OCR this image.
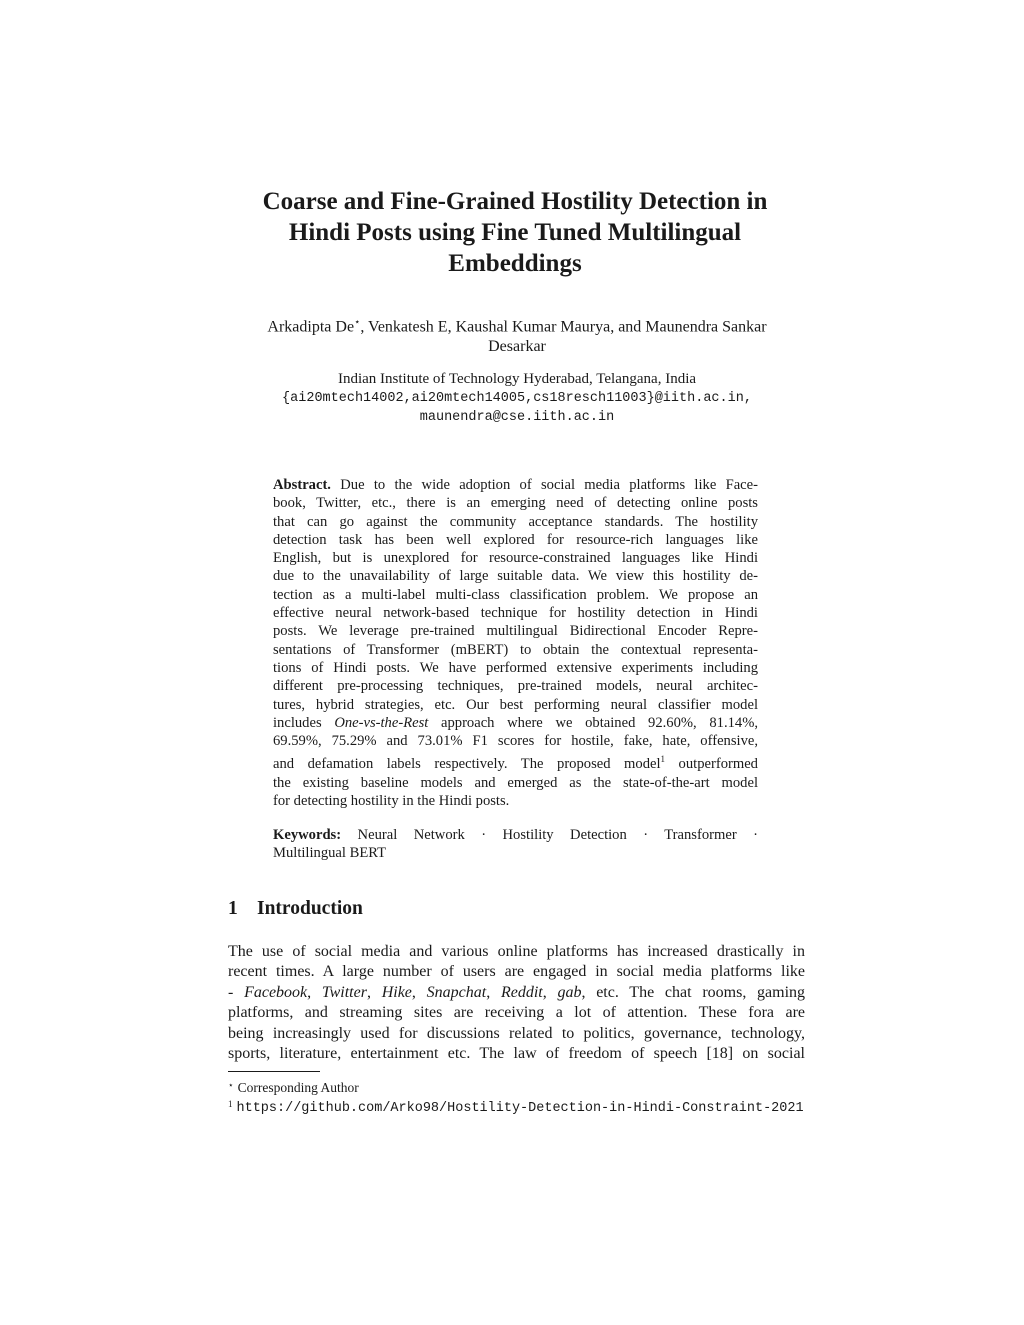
Coarse and Fine-Grained Hostility Detection in
Hindi Posts using Fine Tuned Multilingual
Embeddings
Arkadipta De⋆, Venkatesh E, Kaushal Kumar Maurya, and Maunendra Sankar
Desarkar
Indian Institute of Technology Hyderabad, Telangana, India
{ai20mtech14002,ai20mtech14005,cs18resch11003}@iith.ac.in,
maunendra@cse.iith.ac.in
Abstract. Due to the wide adoption of social media platforms like Face-
book, Twitter, etc., there is an emerging need of detecting online posts
that can go against the community acceptance standards. The hostility
detection task has been well explored for resource-rich languages like
English, but is unexplored for resource-constrained languages like Hindi
due to the unavailability of large suitable data. We view this hostility de-
tection as a multi-label multi-class classification problem. We propose an
effective neural network-based technique for hostility detection in Hindi
posts. We leverage pre-trained multilingual Bidirectional Encoder Repre-
sentations of Transformer (mBERT) to obtain the contextual representa-
tions of Hindi posts. We have performed extensive experiments including
different pre-processing techniques, pre-trained models, neural architec-
tures, hybrid strategies, etc. Our best performing neural classifier model
includes One-vs-the-Rest approach where we obtained 92.60%, 81.14%,
69.59%, 75.29% and 73.01% F1 scores for hostile, fake, hate, offensive,
and defamation labels respectively. The proposed model$^1$ outperformed
the existing baseline models and emerged as the state-of-the-art model
for detecting hostility in the Hindi posts.
Keywords: Neural Network · Hostility Detection · Transformer ·
Multilingual BERT
1 Introduction
The use of social media and various online platforms has increased drastically in
recent times. A large number of users are engaged in social media platforms like
- Facebook, Twitter, Hike, Snapchat, Reddit, gab, etc. The chat rooms, gaming
platforms, and streaming sites are receiving a lot of attention. These fora are
being increasingly used for discussions related to politics, governance, technology,
sports, literature, entertainment etc. The law of freedom of speech [18] on social
⋆ Corresponding Author
$^1$ https://github.com/Arko98/Hostility-Detection-in-Hindi-Constraint-2021
